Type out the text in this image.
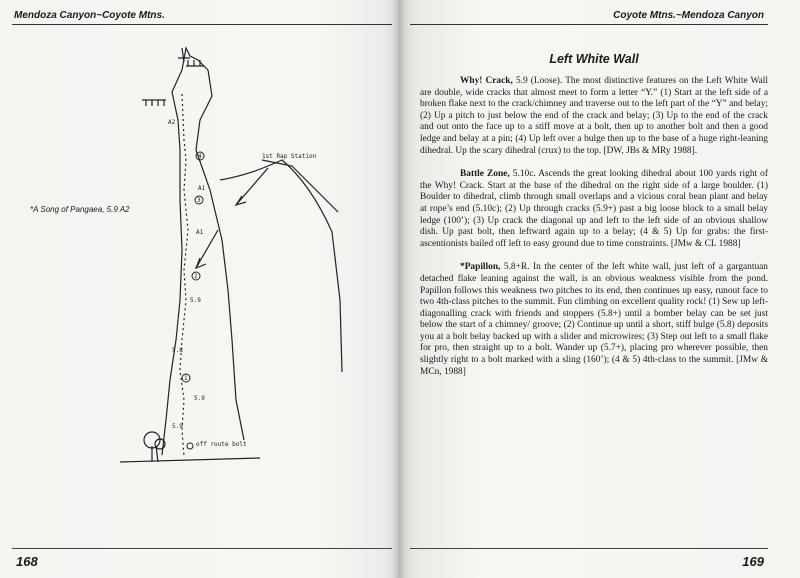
Mendoza Canyon~Coyote Mtns.	Coyote Mtns.~Mendoza Canyon
4
3
2
1
A2
A1
A1
5.9
5.8
5.9
5.9
off route bolt
1st Rap Station
*A Song of Pangaea, 5.9 A2
Left White Wall

Why! Crack, 5.9 (Loose). The most distinctive features on the Left White Wall are double, wide cracks that almost meet to form a letter “Y.” (1) Start at the left side of a broken flake next to the crack/chimney and traverse out to the left part of the “Y” and belay; (2) Up a pitch to just below the end of the crack and belay; (3) Up to the end of the crack and out onto the face up to a stiff move at a bolt, then up to another bolt and then a good ledge and belay at a pin; (4) Up left over a bulge then up to the base of a huge right-leaning dihedral. Up the scary dihedral (crux) to the top. [DW, JBs & MRy 1988].

Battle Zone, 5.10c. Ascends the great looking dihedral about 100 yards right of the Why! Crack. Start at the base of the dihedral on the right side of a large boulder. (1) Boulder to dihedral, climb through small overlaps and a vicious coral bean plant and belay at rope’s end (5.10c); (2) Up through cracks (5.9+) past a big loose block to a small belay ledge (100’); (3) Up crack the diagonal up and left to the left side of an obvious shallow dish. Up past bolt, then leftward again up to a belay; (4 & 5) Up for grabs: the first-ascentionists bailed off left to easy ground due to time constraints. [JMw & CL 1988]

*Papillon, 5.8+R. In the center of the left white wall, just left of a gargantuan detached flake leaning against the wall, is an obvious weakness visible from the pond. Papillon follows this weakness two pitches to its end, then continues up easy, runout face to two 4th-class pitches to the summit. Fun climbing on excellent quality rock! (1) Sew up left-diagonalling crack with friends and stoppers (5.8+) until a bomber belay can be set just below the start of a chimney/ groove; (2) Continue up until a short, stiff bulge (5.8) deposits you at a bolt belay backed up with a slider and microwires; (3) Step out left to a small flake for pro, then straight up to a bolt. Wander up (5.7+), placing pro wherever possible, then slightly right to a bolt marked with a sling (160’); (4 & 5) 4th-class to the summit. [JMw & MCn, 1988]

168	169
